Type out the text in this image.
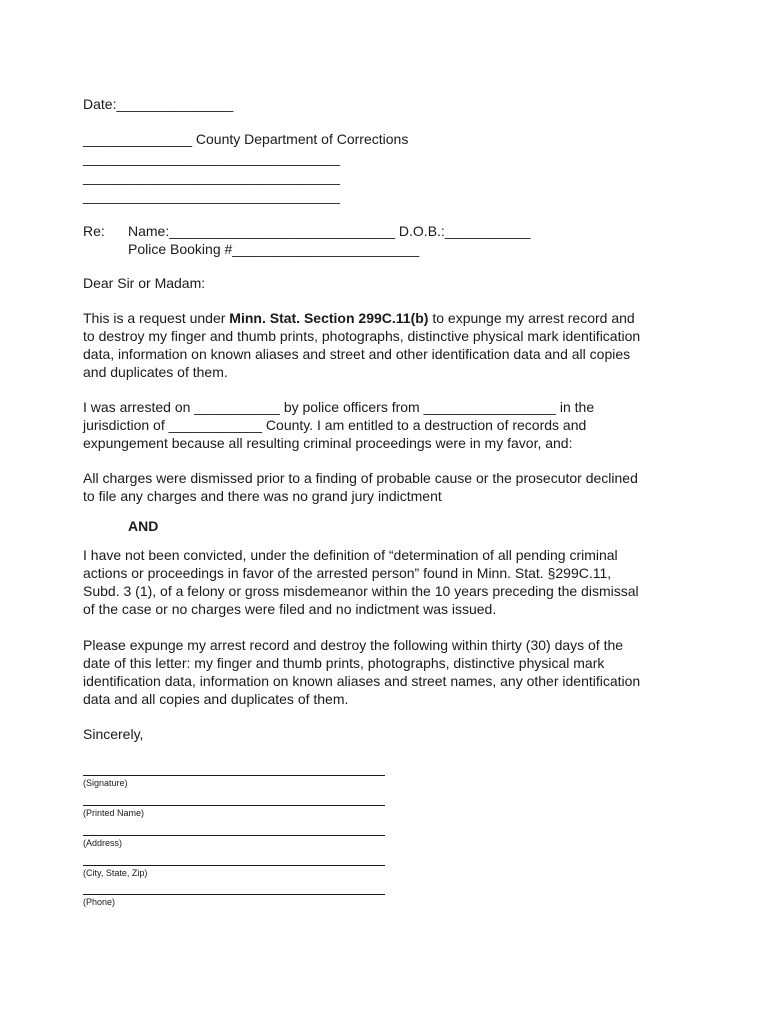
Date:_______________
______________ County Department of Corrections
_________________________________
_________________________________
_________________________________
Re: Name:_____________________________ D.O.B.:___________
Police Booking #________________________
Dear Sir or Madam:
This is a request under Minn. Stat. Section 299C.11(b) to expunge my arrest record and
to destroy my finger and thumb prints, photographs, distinctive physical mark identification
data, information on known aliases and street and other identification data and all copies
and duplicates of them.
I was arrested on ___________ by police officers from _________________ in the
jurisdiction of ____________ County. I am entitled to a destruction of records and
expungement because all resulting criminal proceedings were in my favor, and:
All charges were dismissed prior to a finding of probable cause or the prosecutor declined
to file any charges and there was no grand jury indictment
AND
I have not been convicted, under the definition of “determination of all pending criminal
actions or proceedings in favor of the arrested person” found in Minn. Stat. §299C.11,
Subd. 3 (1), of a felony or gross misdemeanor within the 10 years preceding the dismissal
of the case or no charges were filed and no indictment was issued.
Please expunge my arrest record and destroy the following within thirty (30) days of the
date of this letter: my finger and thumb prints, photographs, distinctive physical mark
identification data, information on known aliases and street names, any other identification
data and all copies and duplicates of them.
Sincerely,
(Signature)
(Printed Name)
(Address)
(City, State, Zip)
(Phone)
